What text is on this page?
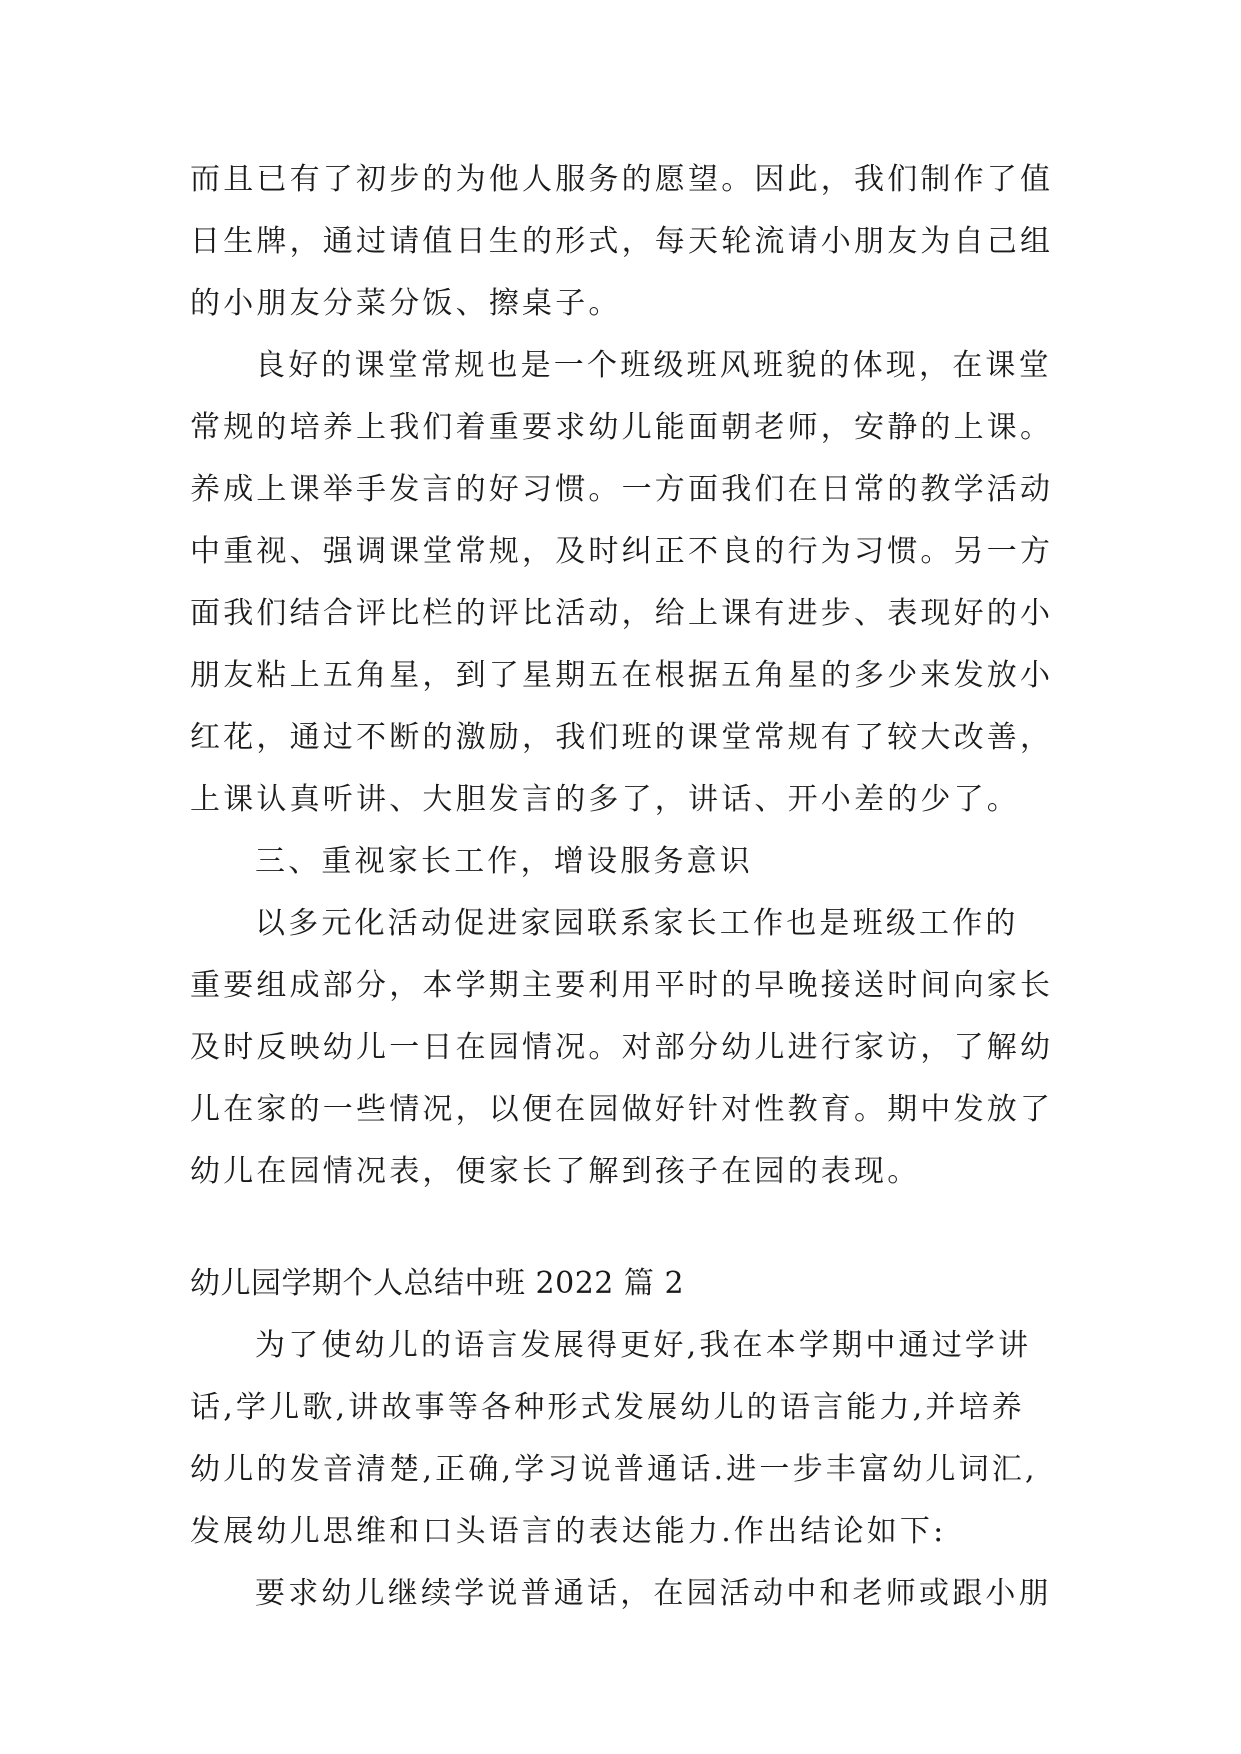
而且已有了初步的为他人服务的愿望。因此，我们制作了值
日生牌，通过请值日生的形式，每天轮流请小朋友为自己组
的小朋友分菜分饭、擦桌子。
良好的课堂常规也是一个班级班风班貌的体现，在课堂
常规的培养上我们着重要求幼儿能面朝老师，安静的上课。
养成上课举手发言的好习惯。一方面我们在日常的教学活动
中重视、强调课堂常规，及时纠正不良的行为习惯。另一方
面我们结合评比栏的评比活动，给上课有进步、表现好的小
朋友粘上五角星，到了星期五在根据五角星的多少来发放小
红花，通过不断的激励，我们班的课堂常规有了较大改善，
上课认真听讲、大胆发言的多了，讲话、开小差的少了。
三、重视家长工作，增设服务意识
以多元化活动促进家园联系家长工作也是班级工作的
重要组成部分，本学期主要利用平时的早晚接送时间向家长
及时反映幼儿一日在园情况。对部分幼儿进行家访，了解幼
儿在家的一些情况，以便在园做好针对性教育。期中发放了
幼儿在园情况表，便家长了解到孩子在园的表现。
幼儿园学期个人总结中班 2022 篇 2
为了使幼儿的语言发展得更好,我在本学期中通过学讲
话,学儿歌,讲故事等各种形式发展幼儿的语言能力,并培养
幼儿的发音清楚,正确,学习说普通话.进一步丰富幼儿词汇,
发展幼儿思维和口头语言的表达能力.作出结论如下:
要求幼儿继续学说普通话，在园活动中和老师或跟小朋
